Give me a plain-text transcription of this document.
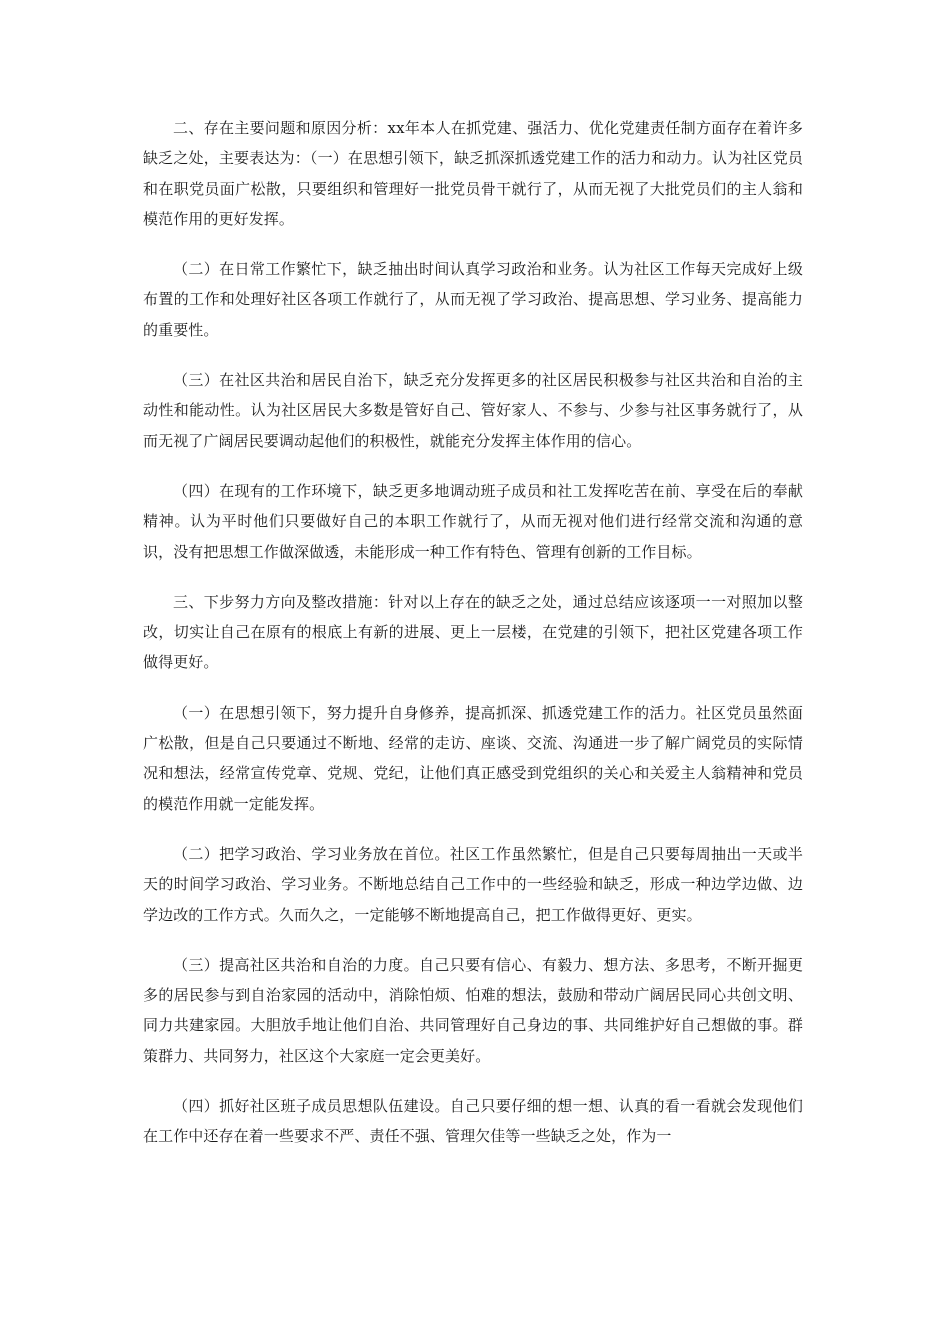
二、存在主要问题和原因分析：xx年本人在抓党建、强活力、优化党建责任制方面存在着许多缺乏之处，主要表达为：（一）在思想引领下，缺乏抓深抓透党建工作的活力和动力。认为社区党员和在职党员面广松散，只要组织和管理好一批党员骨干就行了，从而无视了大批党员们的主人翁和模范作用的更好发挥。

（二）在日常工作繁忙下，缺乏抽出时间认真学习政治和业务。认为社区工作每天完成好上级布置的工作和处理好社区各项工作就行了，从而无视了学习政治、提高思想、学习业务、提高能力的重要性。

（三）在社区共治和居民自治下，缺乏充分发挥更多的社区居民积极参与社区共治和自治的主动性和能动性。认为社区居民大多数是管好自己、管好家人、不参与、少参与社区事务就行了，从而无视了广阔居民要调动起他们的积极性，就能充分发挥主体作用的信心。

（四）在现有的工作环境下，缺乏更多地调动班子成员和社工发挥吃苦在前、享受在后的奉献精神。认为平时他们只要做好自己的本职工作就行了，从而无视对他们进行经常交流和沟通的意识，没有把思想工作做深做透，未能形成一种工作有特色、管理有创新的工作目标。

三、下步努力方向及整改措施：针对以上存在的缺乏之处，通过总结应该逐项一一对照加以整改，切实让自己在原有的根底上有新的进展、更上一层楼，在党建的引领下，把社区党建各项工作做得更好。

（一）在思想引领下，努力提升自身修养，提高抓深、抓透党建工作的活力。社区党员虽然面广松散，但是自己只要通过不断地、经常的走访、座谈、交流、沟通进一步了解广阔党员的实际情况和想法，经常宣传党章、党规、党纪，让他们真正感受到党组织的关心和关爱主人翁精神和党员的模范作用就一定能发挥。

（二）把学习政治、学习业务放在首位。社区工作虽然繁忙，但是自己只要每周抽出一天或半天的时间学习政治、学习业务。不断地总结自己工作中的一些经验和缺乏，形成一种边学边做、边学边改的工作方式。久而久之，一定能够不断地提高自己，把工作做得更好、更实。

（三）提高社区共治和自治的力度。自己只要有信心、有毅力、想方法、多思考，不断开掘更多的居民参与到自治家园的活动中，消除怕烦、怕难的想法，鼓励和带动广阔居民同心共创文明、同力共建家园。大胆放手地让他们自治、共同管理好自己身边的事、共同维护好自己想做的事。群策群力、共同努力，社区这个大家庭一定会更美好。

（四）抓好社区班子成员思想队伍建设。自己只要仔细的想一想、认真的看一看就会发现他们在工作中还存在着一些要求不严、责任不强、管理欠佳等一些缺乏之处，作为一
